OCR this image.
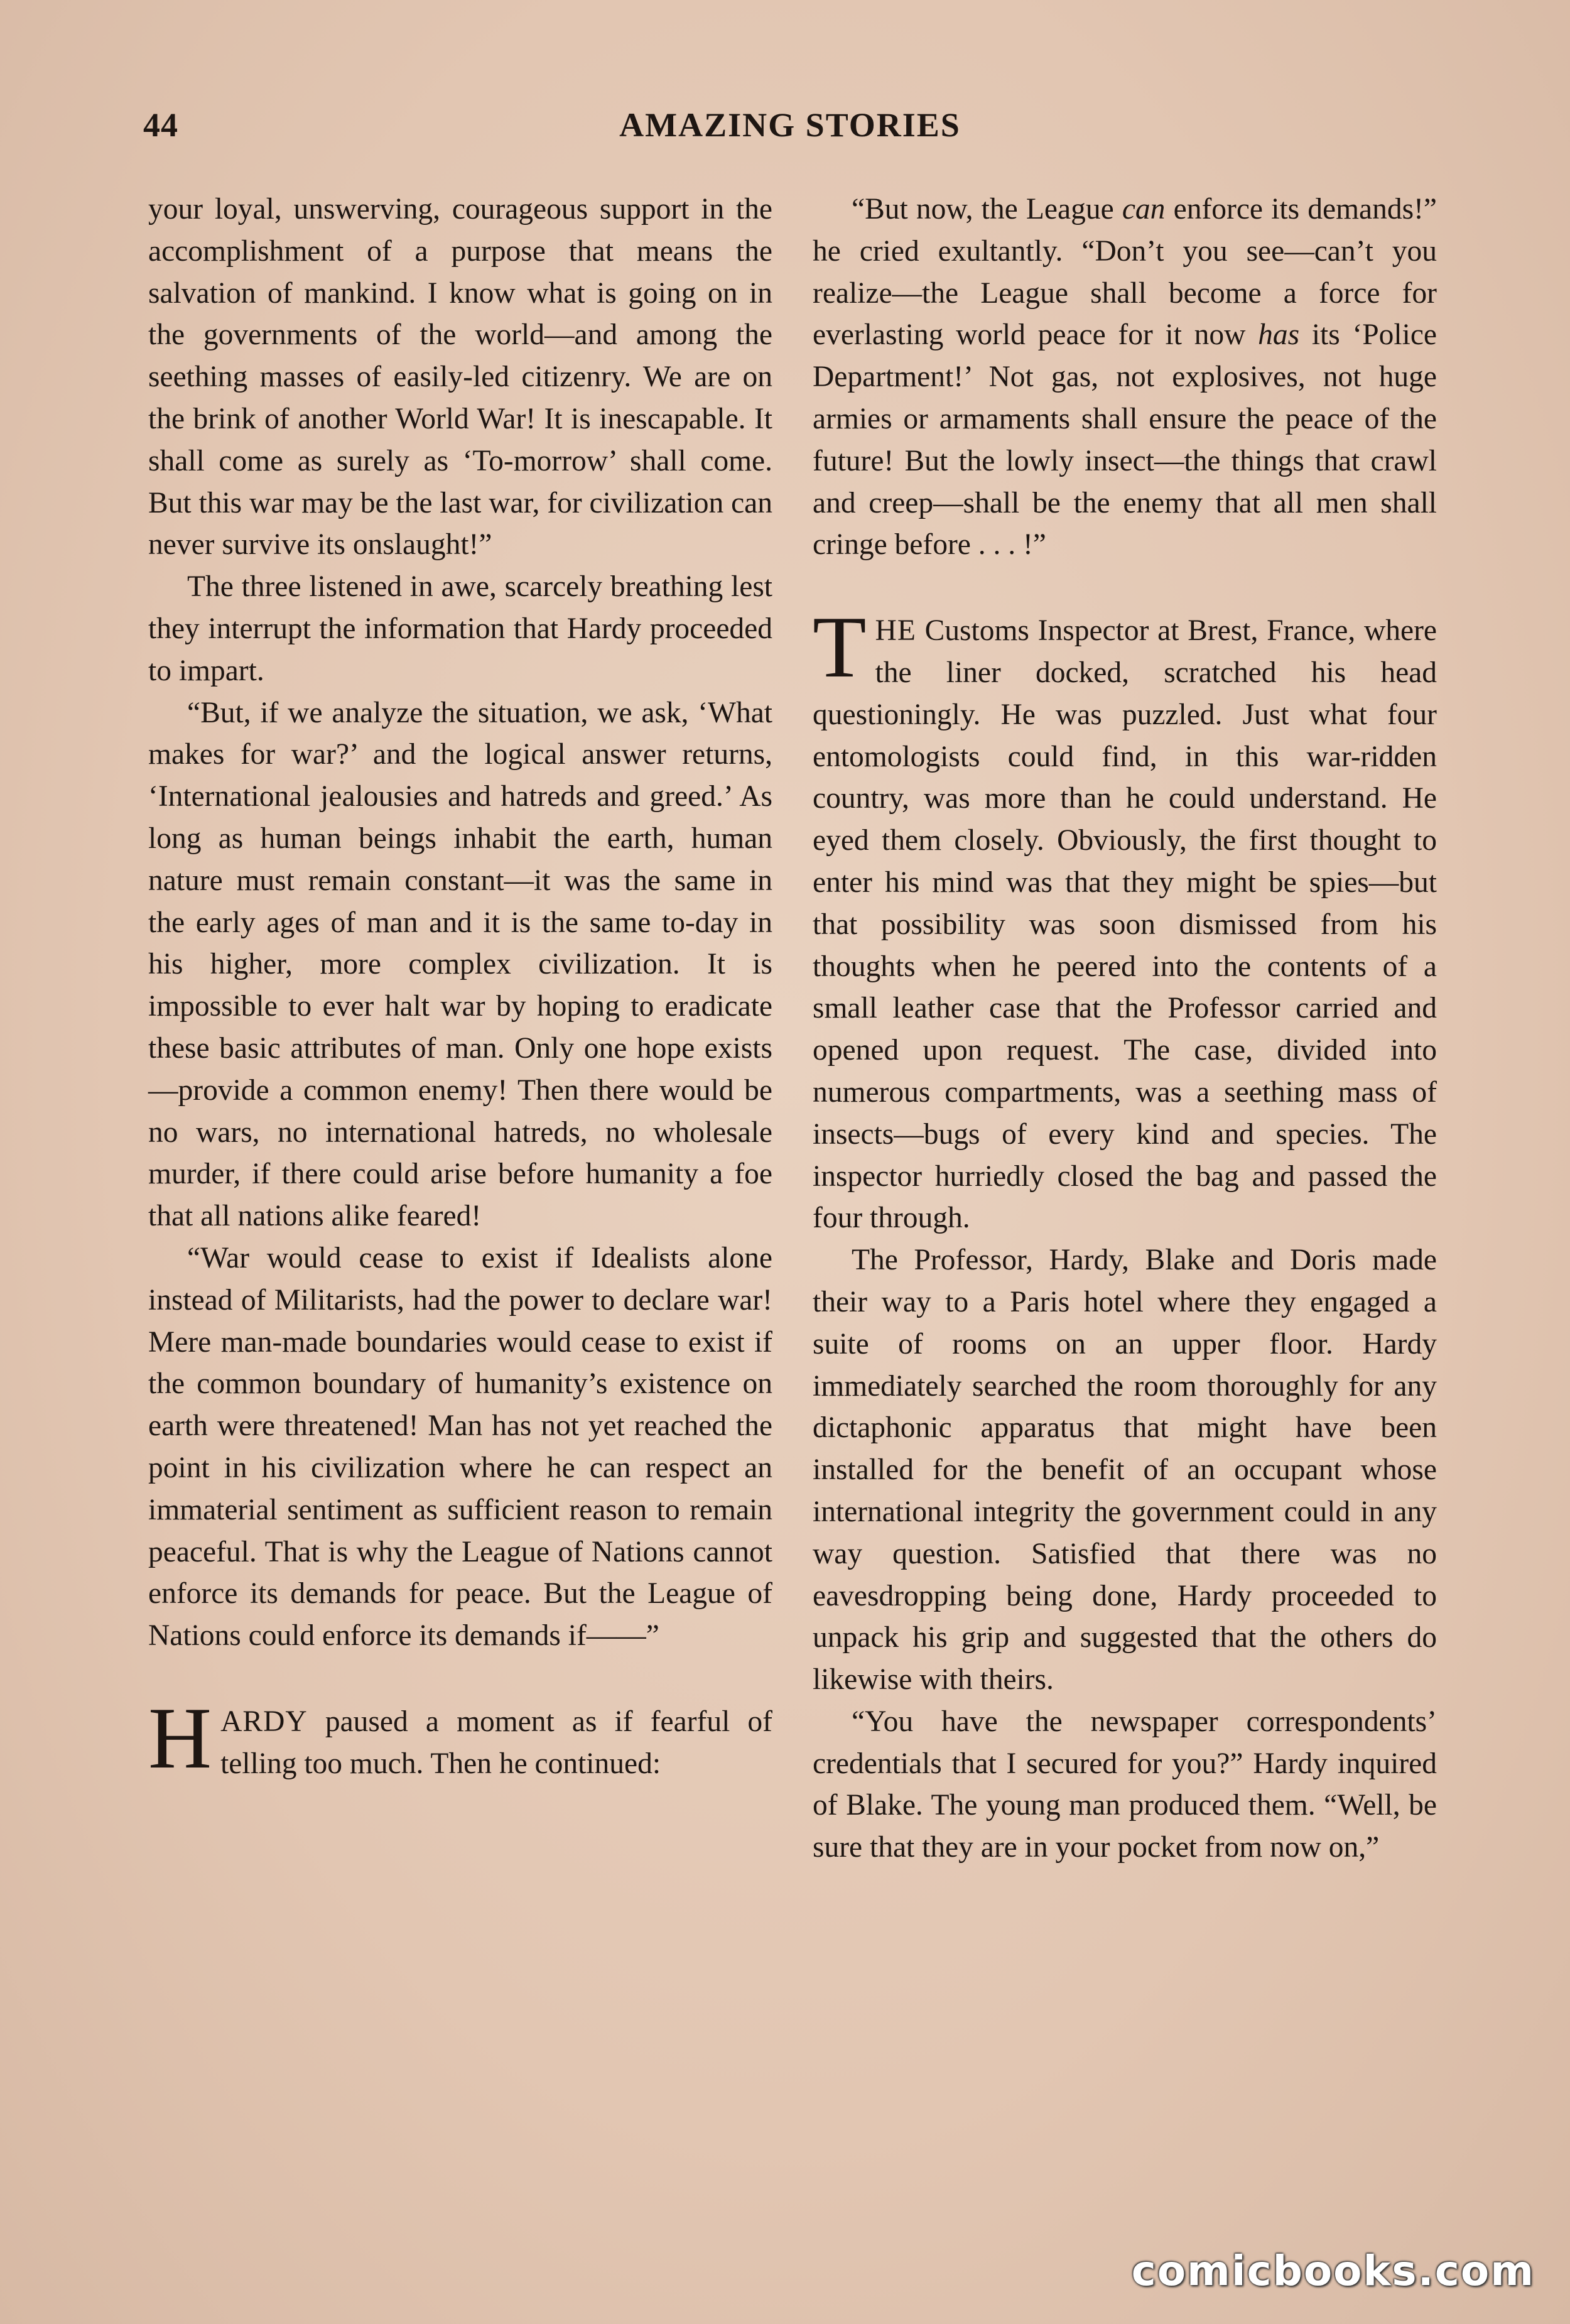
44	AMAZING STORIES

your loyal, unswerving, courageous support in the accomplishment of a purpose that means the salvation of mankind. I know what is going on in the governments of the world—and among the seething masses of easily-led citizenry. We are on the brink of another World War! It is inescapable. It shall come as surely as ‘To-morrow’ shall come. But this war may be the last war, for civilization can never survive its onslaught!”

The three listened in awe, scarcely breathing lest they interrupt the information that Hardy proceeded to impart.

“But, if we analyze the situation, we ask, ‘What makes for war?’ and the logical answer returns, ‘International jealousies and hatreds and greed.’ As long as human beings inhabit the earth, human nature must remain constant—it was the same in the early ages of man and it is the same to-day in his higher, more complex civilization. It is impossible to ever halt war by hoping to eradicate these basic attributes of man. Only one hope exists—provide a common enemy! Then there would be no wars, no international hatreds, no wholesale murder, if there could arise before humanity a foe that all nations alike feared!

“War would cease to exist if Idealists alone instead of Militarists, had the power to declare war! Mere man-made boundaries would cease to exist if the common boundary of humanity’s existence on earth were threatened! Man has not yet reached the point in his civilization where he can respect an immaterial sentiment as sufficient reason to remain peaceful. That is why the League of Nations cannot enforce its demands for peace. But the League of Nations could enforce its demands if——”

HARDY paused a moment as if fearful of telling too much. Then he continued:

“But now, the League can enforce its demands!” he cried exultantly. “Don’t you see—can’t you realize—the League shall become a force for everlasting world peace for it now has its ‘Police Department!’ Not gas, not explosives, not huge armies or armaments shall ensure the peace of the future! But the lowly insect—the things that crawl and creep—shall be the enemy that all men shall cringe before . . . !”

THE Customs Inspector at Brest, France, where the liner docked, scratched his head questioningly. He was puzzled. Just what four entomologists could find, in this war-ridden country, was more than he could understand. He eyed them closely. Obviously, the first thought to enter his mind was that they might be spies—but that possibility was soon dismissed from his thoughts when he peered into the contents of a small leather case that the Professor carried and opened upon request. The case, divided into numerous compartments, was a seething mass of insects—bugs of every kind and species. The inspector hurriedly closed the bag and passed the four through.

The Professor, Hardy, Blake and Doris made their way to a Paris hotel where they engaged a suite of rooms on an upper floor. Hardy immediately searched the room thoroughly for any dictaphonic apparatus that might have been installed for the benefit of an occupant whose international integrity the government could in any way question. Satisfied that there was no eavesdropping being done, Hardy proceeded to unpack his grip and suggested that the others do likewise with theirs.

“You have the newspaper correspondents’ credentials that I secured for you?” Hardy inquired of Blake. The young man produced them. “Well, be sure that they are in your pocket from now on,”

comicbooks.com
